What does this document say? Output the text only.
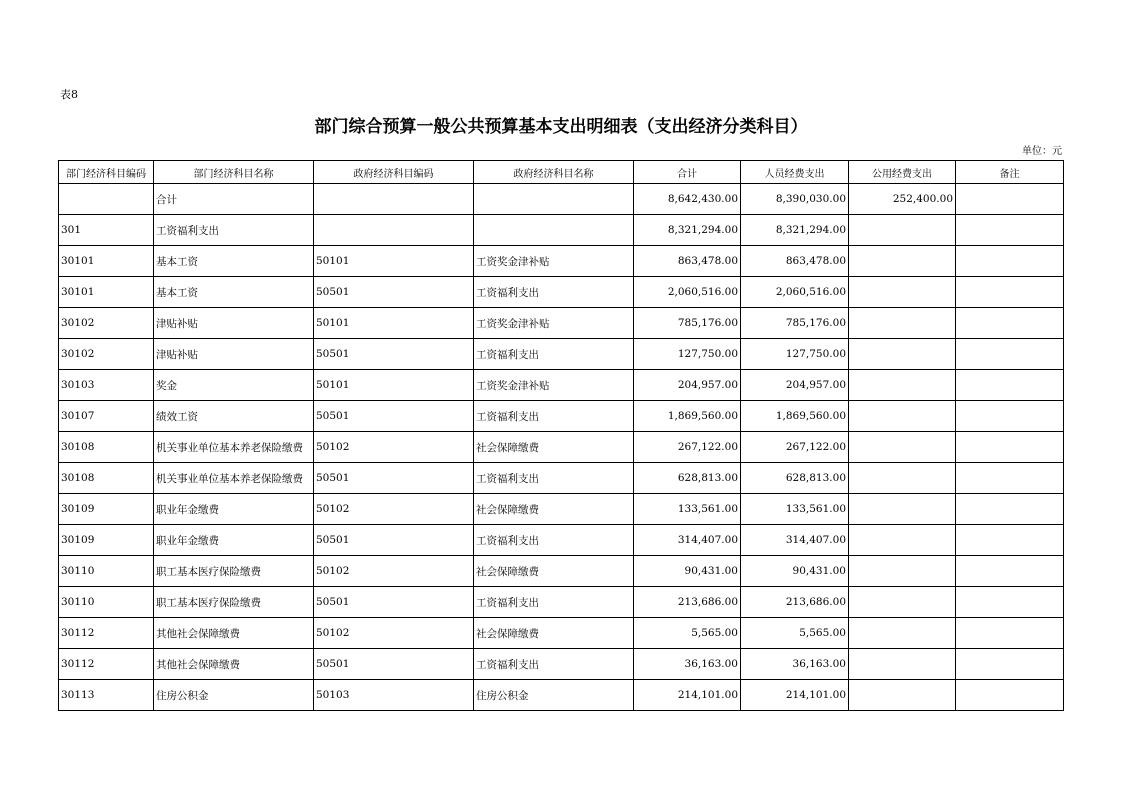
表8
部门综合预算一般公共预算基本支出明细表（支出经济分类科目）
单位：元
部门经济科目编码	部门经济科目名称	政府经济科目编码	政府经济科目名称	合计	人员经费支出	公用经费支出	备注
	合计			8,642,430.00	8,390,030.00	252,400.00	
301	工资福利支出			8,321,294.00	8,321,294.00		
30101	基本工资	50101	工资奖金津补贴	863,478.00	863,478.00		
30101	基本工资	50501	工资福利支出	2,060,516.00	2,060,516.00		
30102	津贴补贴	50101	工资奖金津补贴	785,176.00	785,176.00		
30102	津贴补贴	50501	工资福利支出	127,750.00	127,750.00		
30103	奖金	50101	工资奖金津补贴	204,957.00	204,957.00		
30107	绩效工资	50501	工资福利支出	1,869,560.00	1,869,560.00		
30108	机关事业单位基本养老保险缴费	50102	社会保障缴费	267,122.00	267,122.00		
30108	机关事业单位基本养老保险缴费	50501	工资福利支出	628,813.00	628,813.00		
30109	职业年金缴费	50102	社会保障缴费	133,561.00	133,561.00		
30109	职业年金缴费	50501	工资福利支出	314,407.00	314,407.00		
30110	职工基本医疗保险缴费	50102	社会保障缴费	90,431.00	90,431.00		
30110	职工基本医疗保险缴费	50501	工资福利支出	213,686.00	213,686.00		
30112	其他社会保障缴费	50102	社会保障缴费	5,565.00	5,565.00		
30112	其他社会保障缴费	50501	工资福利支出	36,163.00	36,163.00		
30113	住房公积金	50103	住房公积金	214,101.00	214,101.00		
